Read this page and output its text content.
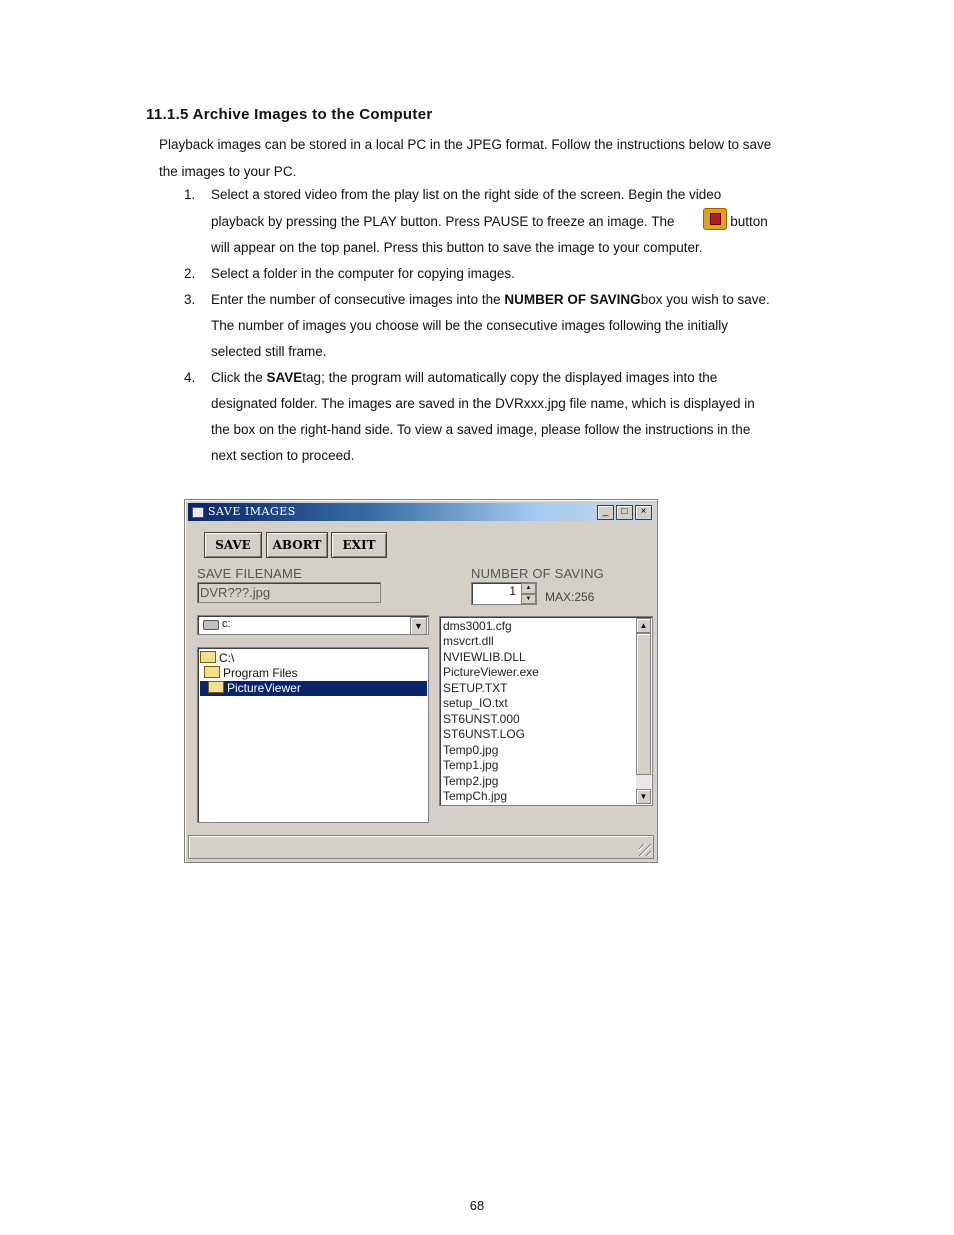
11.1.5 Archive Images to the Computer
Playback images can be stored in a local PC in the JPEG format. Follow the instructions below to save the images to your PC.
1.	Select a stored video from the play list on the right side of the screen. Begin the video playback by pressing the PLAY button. Press PAUSE to freeze an image. The	button will appear on the top panel. Press this button to save the image to your computer.
2.	Select a folder in the computer for copying images.
3.	Enter the number of consecutive images into the NUMBER OF SAVINGbox you wish to save. The number of images you choose will be the consecutive images following the initially selected still frame.
4.	Click the SAVEtag; the program will automatically copy the displayed images into the designated folder. The images are saved in the DVRxxx.jpg file name, which is displayed in the box on the right-hand side. To view a saved image, please follow the instructions in the next section to proceed.
SAVE IMAGES	_	□	×
SAVE	ABORT	EXIT
SAVE FILENAME
DVR???.jpg
NUMBER OF SAVING
1	▲
▼	MAX:256
c:	▼
C:\
Program Files
PictureViewer
dms3001.cfg
msvcrt.dll
NVIEWLIB.DLL
PictureViewer.exe
SETUP.TXT
setup_IO.txt
ST6UNST.000
ST6UNST.LOG
Temp0.jpg
Temp1.jpg
Temp2.jpg
TempCh.jpg
▲
▼
68
